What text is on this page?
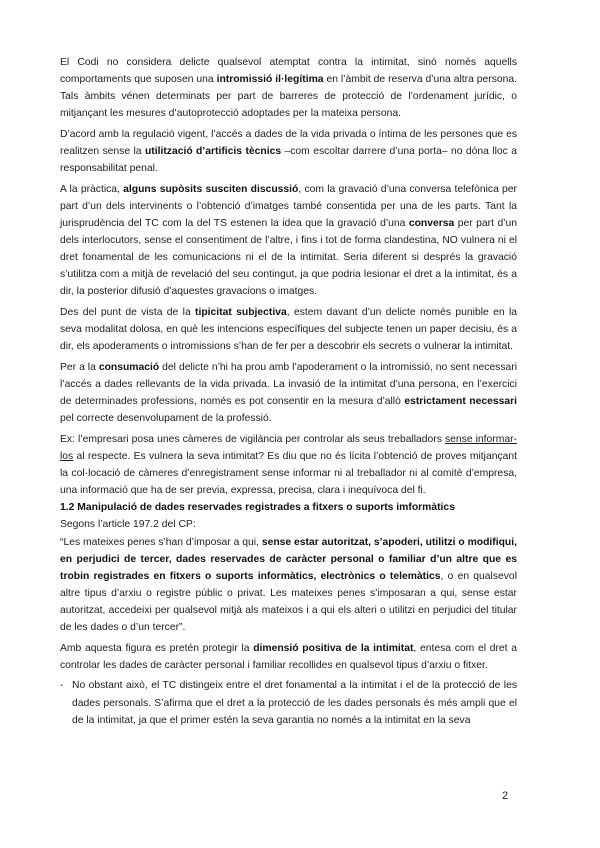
El Codi no considera delicte qualsevol atemptat contra la intimitat, sinó només aquells comportaments que suposen una intromissió il·legítima en l’àmbit de reserva d’una altra persona. Tals àmbits vénen determinats per part de barreres de protecció de l’ordenament jurídic, o mitjançant les mesures d’autoprotecció adoptades per la mateixa persona.

D’acord amb la regulació vigent, l’accés a dades de la vida privada o íntima de les persones que es realitzen sense la utilització d’artificis tècnics –com escoltar darrere d’una porta– no dóna lloc a responsabilitat penal.

A la pràctica, alguns supòsits susciten discussió, com la gravació d’una conversa telefònica per part d’un dels intervinents o l’obtenció d’imatges també consentida per una de les parts. Tant la jurisprudència del TC com la del TS estenen la idea que la gravació d’una conversa per part d’un dels interlocutors, sense el consentiment de l’altre, i fins i tot de forma clandestina, NO vulnera ni el dret fonamental de les comunicacions ni el de la intimitat. Seria diferent si després la gravació s’utilitza com a mitjà de revelació del seu contingut, ja que podria lesionar el dret a la intimitat, és a dir, la posterior difusió d’aquestes gravacions o imatges.

Des del punt de vista de la tipicitat subjectiva, estem davant d’un delicte només punible en la seva modalitat dolosa, en què les intencions específiques del subjecte tenen un paper decisiu, és a dir, els apoderaments o intromissions s’han de fer per a descobrir els secrets o vulnerar la intimitat.

Per a la consumació del delicte n’hi ha prou amb l’apoderament o la intromissió, no sent necessari l’accés a dades rellevants de la vida privada. La invasió de la intimitat d’una persona, en l’exercici de determinades professions, només es pot consentir en la mesura d’allò estrictament necessari pel correcte desenvolupament de la professió.

Ex: l’empresari posa unes càmeres de vigilància per controlar als seus treballadors sense informar-los al respecte. Es vulnera la seva intimitat? Es diu que no és lícita l’obtenció de proves mitjançant la col·locació de càmeres d’enregistrament sense informar ni al treballador ni al comitè d’empresa, una informació que ha de ser previa, expressa, precisa, clara i inequívoca del fi.

1.2 Manipulació de dades reservades registrades a fitxers o suports imformàtics

Segons l’article 197.2 del CP:

“Les mateixes penes s’han d’imposar a qui, sense estar autoritzat, s’apoderi, utilitzi o modifiqui, en perjudici de tercer, dades reservades de caràcter personal o familiar d’un altre que es trobin registrades en fitxers o suports informàtics, electrònics o telemàtics, o en qualsevol altre tipus d’arxiu o registre públic o privat. Les mateixes penes s’imposaran a qui, sense estar autoritzat, accedeixi per qualsevol mitjà als mateixos i a qui els alteri o utilitzi en perjudici del titular de les dades o d’un tercer”.

Amb aquesta figura es pretén protegir la dimensió positiva de la intimitat, entesa com el dret a controlar les dades de caràcter personal i familiar recollides en qualsevol tipus d’arxiu o fitxer.

- No obstant això, el TC distingeix entre el dret fonamental a la intimitat i el de la protecció de les dades personals. S’afirma que el dret a la protecció de les dades personals és més ampli que el de la intimitat, ja que el primer estén la seva garantia no només a la intimitat en la seva
2
